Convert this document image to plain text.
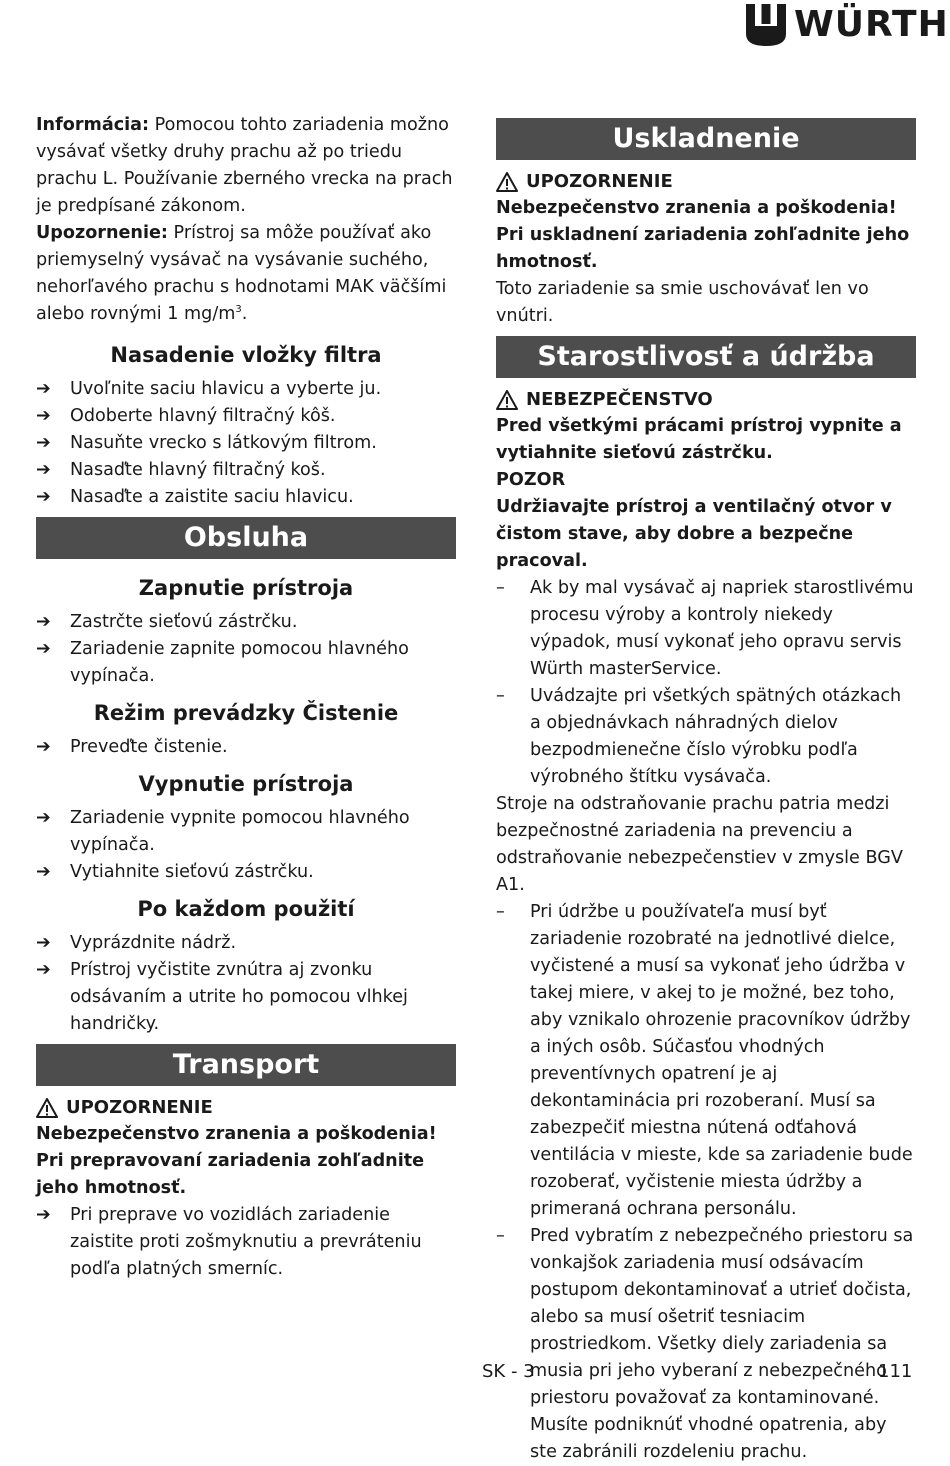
WÜRTH

Informácia: Pomocou tohto zariadenia možno vysávať všetky druhy prachu až po triedu prachu L. Používanie zberného vrecka na prach je predpísané zákonom.

Upozornenie: Prístroj sa môže používať ako priemyselný vysávač na vysávanie suchého, nehorľavého prachu s hodnotami MAK väčšími alebo rovnými 1 $mg/m^3$.

Nasadenie vložky filtra
➔	Uvoľnite saciu hlavicu a vyberte ju.
➔	Odoberte hlavný filtračný kôš.
➔	Nasuňte vrecko s látkovým filtrom.
➔	Nasaďte hlavný filtračný koš.
➔	Nasaďte a zaistite saciu hlavicu.
Obsluha
Zapnutie prístroja
➔	Zastrčte sieťovú zástrčku.
➔	Zariadenie zapnite pomocou hlavného vypínača.
Režim prevádzky Čistenie
➔	Preveďte čistenie.
Vypnutie prístroja
➔	Zariadenie vypnite pomocou hlavného vypínača.
➔	Vytiahnite sieťovú zástrčku.
Po každom použití
➔	Vyprázdnite nádrž.
➔	Prístroj vyčistite zvnútra aj zvonku odsávaním a utrite ho pomocou vlhkej handričky.
Transport
UPOZORNENIE

Nebezpečenstvo zranenia a poškodenia! Pri prepravovaní zariadenia zohľadnite jeho hmotnosť.

➔	Pri preprave vo vozidlách zariadenie zaistite proti zošmyknutiu a prevráteniu podľa platných smerníc.
Uskladnenie
UPOZORNENIE

Nebezpečenstvo zranenia a poškodenia! Pri uskladnení zariadenia zohľadnite jeho hmotnosť.

Toto zariadenie sa smie uschovávať len vo vnútri.

Starostlivosť a údržba
NEBEZPEČENSTVO

Pred všetkými prácami prístroj vypnite a vytiahnite sieťovú zástrčku.

POZOR

Udržiavajte prístroj a ventilačný otvor v čistom stave, aby dobre a bezpečne pracoval.

–	Ak by mal vysávač aj napriek starostlivému procesu výroby a kontroly niekedy výpadok, musí vykonať jeho opravu servis Würth masterService.
–	Uvádzajte pri všetkých spätných otázkach a objednávkach náhradných dielov bezpodmienečne číslo výrobku podľa výrobného štítku vysávača.

Stroje na odstraňovanie prachu patria medzi bezpečnostné zariadenia na prevenciu a odstraňovanie nebezpečenstiev v zmysle BGV A1.

–	Pri údržbe u používateľa musí byť zariadenie rozobraté na jednotlivé dielce, vyčistené a musí sa vykonať jeho údržba v takej miere, v akej to je možné, bez toho, aby vznikalo ohrozenie pracovníkov údržby a iných osôb. Súčasťou vhodných preventívnych opatrení je aj dekontaminácia pri rozoberaní. Musí sa zabezpečiť miestna nútená odťahová ventilácia v mieste, kde sa zariadenie bude rozoberať, vyčistenie miesta údržby a primeraná ochrana personálu.
–	Pred vybratím z nebezpečného priestoru sa vonkajšok zariadenia musí odsávacím postupom dekontaminovať a utrieť dočista, alebo sa musí ošetriť tesniacim prostriedkom. Všetky diely zariadenia sa musia pri jeho vyberaní z nebezpečného priestoru považovať za kontaminované. Musíte podniknúť vhodné opatrenia, aby ste zabránili rozdeleniu prachu.
SK - 3	111
